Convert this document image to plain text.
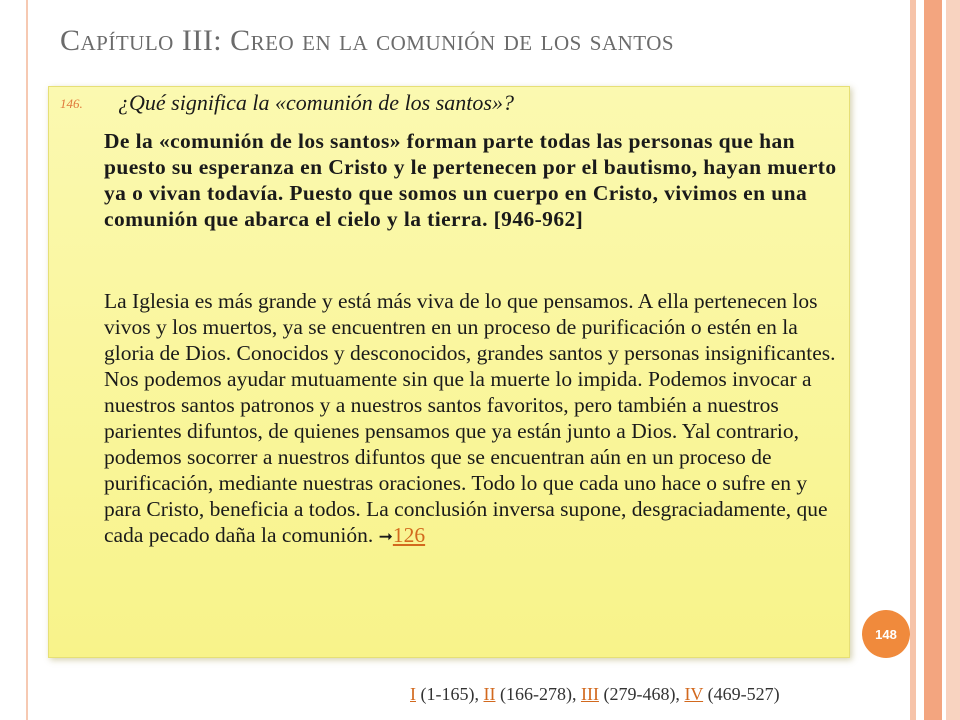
Capítulo III: Creo en la comunión de los santos
146. ¿Qué significa la «comunión de los santos»?
De la «comunión de los santos» forman parte todas las personas que han puesto su esperanza en Cristo y le pertenecen por el bautismo, hayan muerto ya o vivan todavía. Puesto que somos un cuerpo en Cristo, vivimos en una comunión que abarca el cielo y la tierra. [946-962]
La Iglesia es más grande y está más viva de lo que pensamos. A ella pertenecen los vivos y los muertos, ya se encuentren en un proceso de purificación o estén en la gloria de Dios. Conocidos y desconocidos, grandes santos y personas insignificantes. Nos podemos ayudar mutuamente sin que la muerte lo impida. Podemos invocar a nuestros santos patronos y a nuestros santos favoritos, pero también a nuestros parientes difuntos, de quienes pensamos que ya están junto a Dios. Yal contrario, podemos socorrer a nuestros difuntos que se encuentran aún en un proceso de purificación, mediante nuestras oraciones. Todo lo que cada uno hace o sufre en y para Cristo, beneficia a todos. La conclusión inversa supone, desgraciadamente, que cada pecado daña la comunión. ➞126
148
I (1-165), II (166-278), III (279-468), IV (469-527)
